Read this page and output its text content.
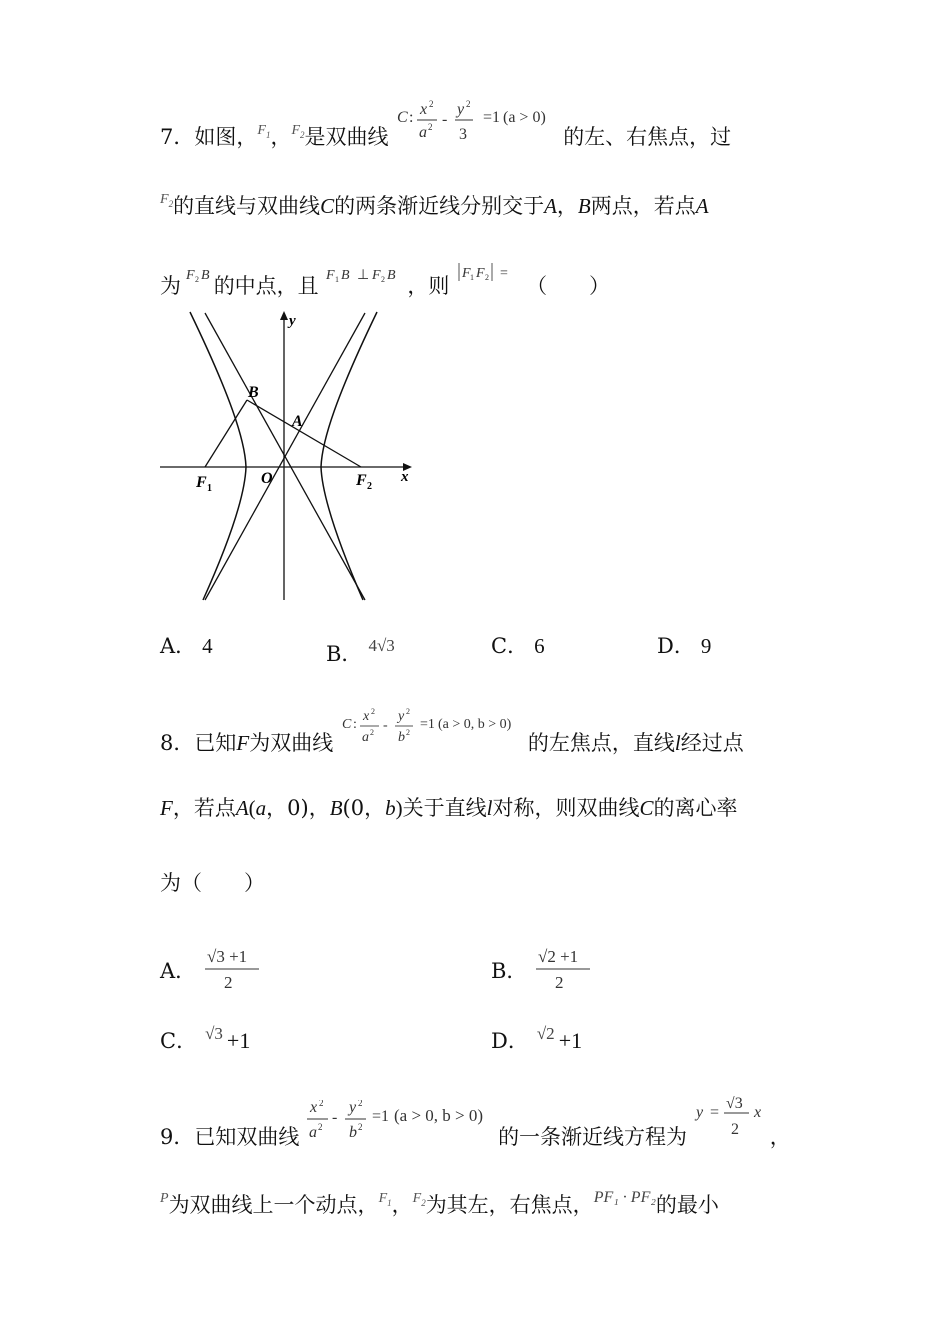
7．如图，$^{F_1}$，$^{F_2}$是双曲线
C : x 2
a 2 -
y 2
3
=1 (a > 0)
的左、右焦点，过
$^{F_2}$的直线与双曲线C的两条渐近线分别交于A，B两点，若点A
为 F 2 B 的中点，且 F 1 B ⊥ F 2 B ，则
F 1 F 2 =
（　　）
y
x
B
A
O
F 1	F 2
A． 4	B． $^{4√3}$	C． 6	D． 9
8．已知F为双曲线
C :
x 2
a 2 -
y 2
b 2
=1 (a > 0, b > 0)
的左焦点，直线l经过点
F，若点A(a，0)，B(0，b)关于直线l对称，则双曲线C的离心率
为（　　）
A．
√3 +1
2	B．
√2 +1
2
C． $^{√3}$ +1	D． $^{√2}$ +1
9．已知双曲线
x 2
a 2
-
y 2
b 2
=1 (a > 0, b > 0)
的一条渐近线方程为
y =
√3
2
x
，
$^P$为双曲线上一个动点，$^{F_1}$，$^{F_2}$为其左，右焦点，$^{PF_1 \cdot PF_2}$的最小
